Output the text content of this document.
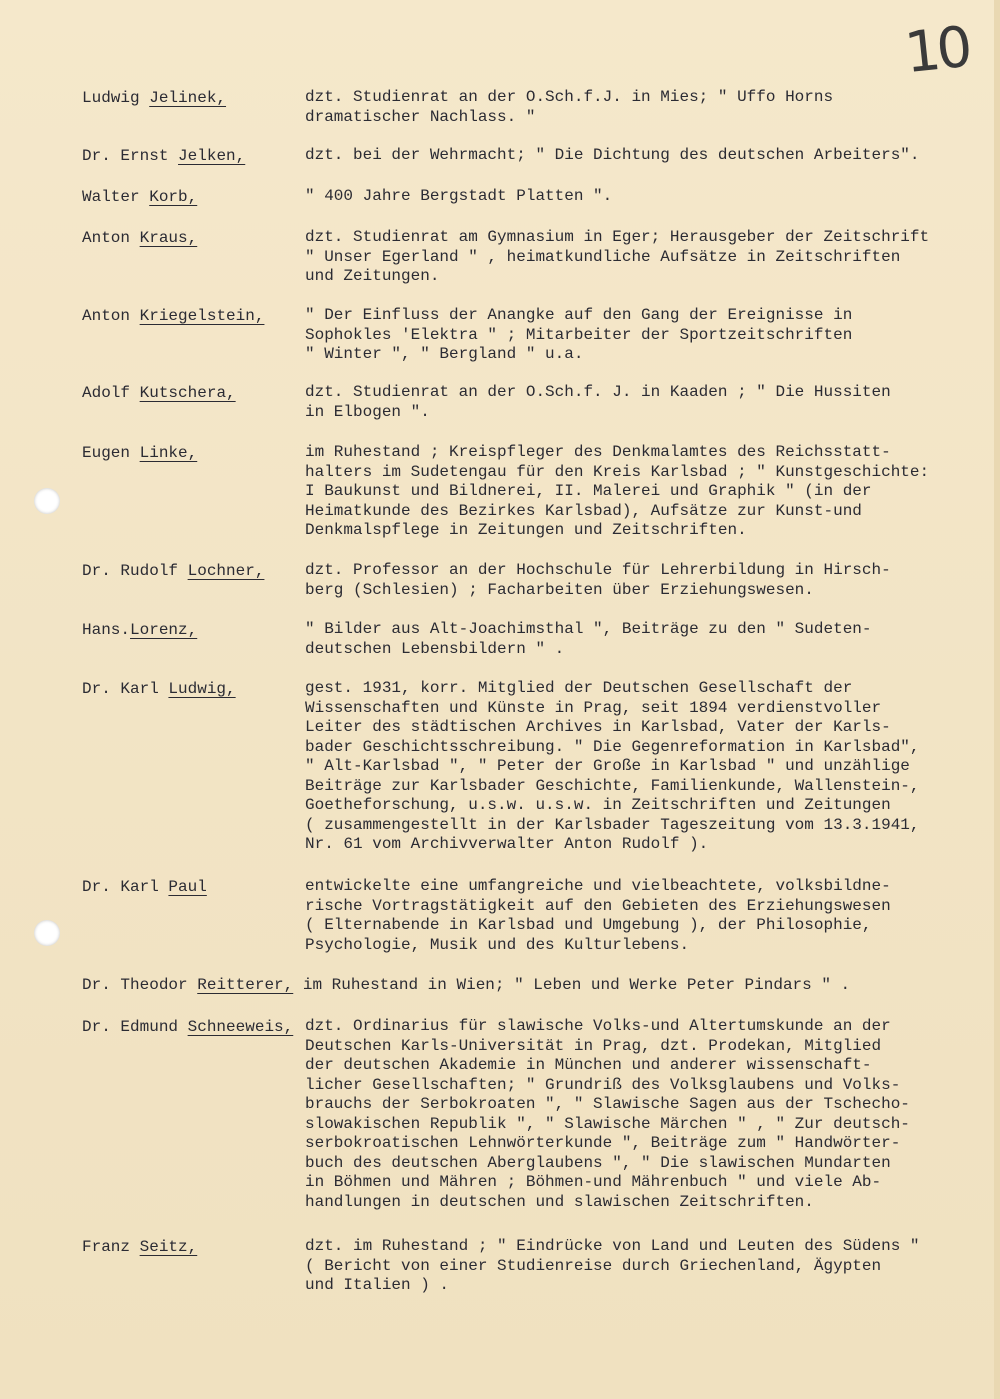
10
Ludwig Jelinek,	dzt. Studienrat an der O.Sch.f.J. in Mies; " Uffo Horns
dramatischer Nachlass. "
Dr. Ernst Jelken,	dzt. bei der Wehrmacht; " Die Dichtung des deutschen Arbeiters".
Walter Korb,	" 400 Jahre Bergstadt Platten ".
Anton Kraus,	dzt. Studienrat am Gymnasium in Eger; Herausgeber der Zeitschrift
" Unser Egerland " , heimatkundliche Aufsätze in Zeitschriften
und Zeitungen.
Anton Kriegelstein,	" Der Einfluss der Anangke auf den Gang der Ereignisse in
Sophokles 'Elektra " ; Mitarbeiter der Sportzeitschriften
" Winter ", " Bergland " u.a.
Adolf Kutschera,	dzt. Studienrat an der O.Sch.f. J. in Kaaden ; " Die Hussiten
in Elbogen ".
Eugen Linke,	im Ruhestand ; Kreispfleger des Denkmalamtes des Reichsstatt-
halters im Sudetengau für den Kreis Karlsbad ; " Kunstgeschichte:
I Baukunst und Bildnerei, II. Malerei und Graphik " (in der
Heimatkunde des Bezirkes Karlsbad), Aufsätze zur Kunst-und
Denkmalspflege in Zeitungen und Zeitschriften.
Dr. Rudolf Lochner,	dzt. Professor an der Hochschule für Lehrerbildung in Hirsch-
berg (Schlesien) ; Facharbeiten über Erziehungswesen.
Hans.Lorenz,	" Bilder aus Alt-Joachimsthal ", Beiträge zu den " Sudeten-
deutschen Lebensbildern " .
Dr. Karl Ludwig,	gest. 1931, korr. Mitglied der Deutschen Gesellschaft der
Wissenschaften und Künste in Prag, seit 1894 verdienstvoller
Leiter des städtischen Archives in Karlsbad, Vater der Karls-
bader Geschichtsschreibung. " Die Gegenreformation in Karlsbad",
" Alt-Karlsbad ", " Peter der Große in Karlsbad " und unzählige
Beiträge zur Karlsbader Geschichte, Familienkunde, Wallenstein-,
Goetheforschung, u.s.w. u.s.w. in Zeitschriften und Zeitungen
( zusammengestellt in der Karlsbader Tageszeitung vom 13.3.1941,
Nr. 61 vom Archivverwalter Anton Rudolf ).
Dr. Karl Paul	entwickelte eine umfangreiche und vielbeachtete, volksbildne-
rische Vortragstätigkeit auf den Gebieten des Erziehungswesen
( Elternabende in Karlsbad und Umgebung ), der Philosophie,
Psychologie, Musik und des Kulturlebens.
Dr. Theodor Reitterer, im Ruhestand in Wien; " Leben und Werke Peter Pindars " .
Dr. Edmund Schneeweis, dzt. Ordinarius für slawische Volks-und Altertumskunde an der
Deutschen Karls-Universität in Prag, dzt. Prodekan, Mitglied
der deutschen Akademie in München und anderer wissenschaft-
licher Gesellschaften; " Grundriß des Volksglaubens und Volks-
brauchs der Serbokroaten ", " Slawische Sagen aus der Tschecho-
slowakischen Republik ", " Slawische Märchen " , " Zur deutsch-
serbokroatischen Lehnwörterkunde ", Beiträge zum " Handwörter-
buch des deutschen Aberglaubens ", " Die slawischen Mundarten
in Böhmen und Mähren ; Böhmen-und Mährenbuch " und viele Ab-
handlungen in deutschen und slawischen Zeitschriften.
Franz Seitz,	dzt. im Ruhestand ; " Eindrücke von Land und Leuten des Südens "
( Bericht von einer Studienreise durch Griechenland, Ägypten
und Italien ) .
